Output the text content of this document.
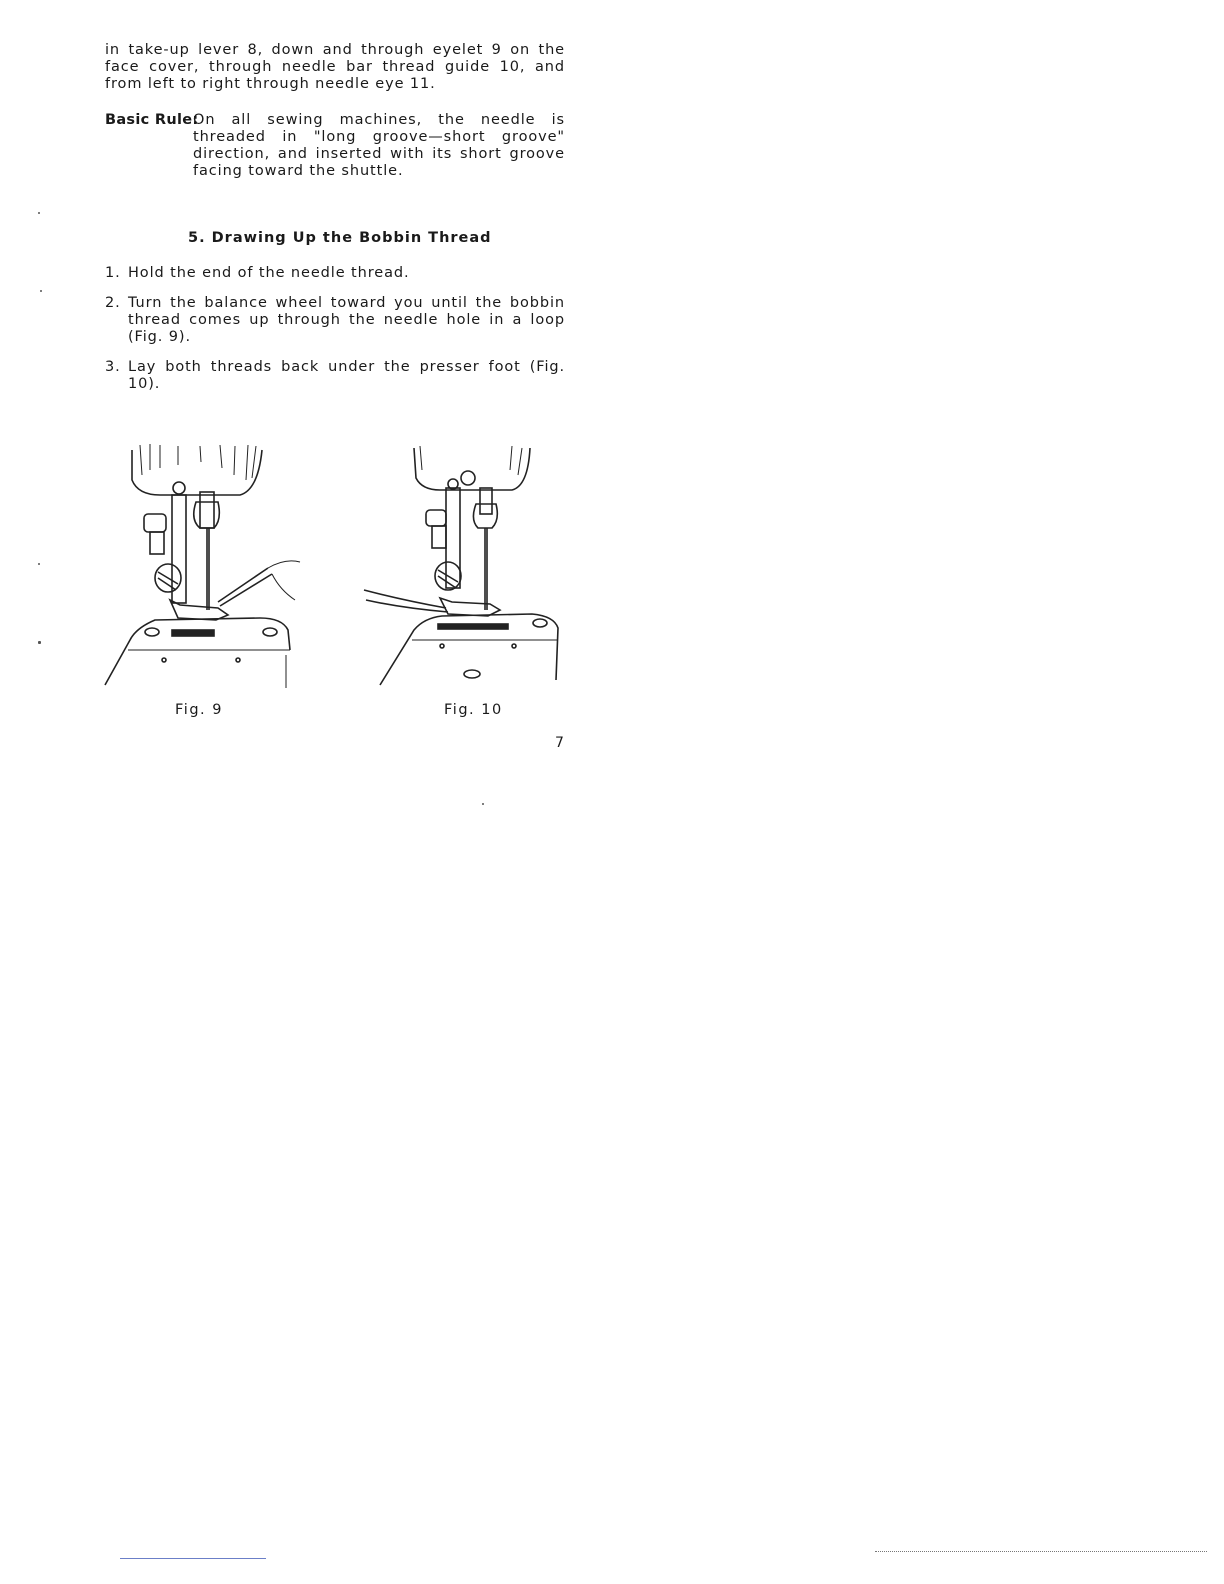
in take-up lever 8, down and through eyelet 9 on the face cover, through needle bar thread guide 10, and from left to right through needle eye 11.
Basic Rule:
On all sewing machines, the needle is threaded in "long groove—short groove" direction, and inserted with its short groove facing toward the shuttle.
5. Drawing Up the Bobbin Thread
1. Hold the end of the needle thread.
2. Turn the balance wheel toward you until the bobbin thread comes up through the needle hole in a loop (Fig. 9).
3. Lay both threads back under the presser foot (Fig. 10).
Fig. 9	Fig. 10
7
